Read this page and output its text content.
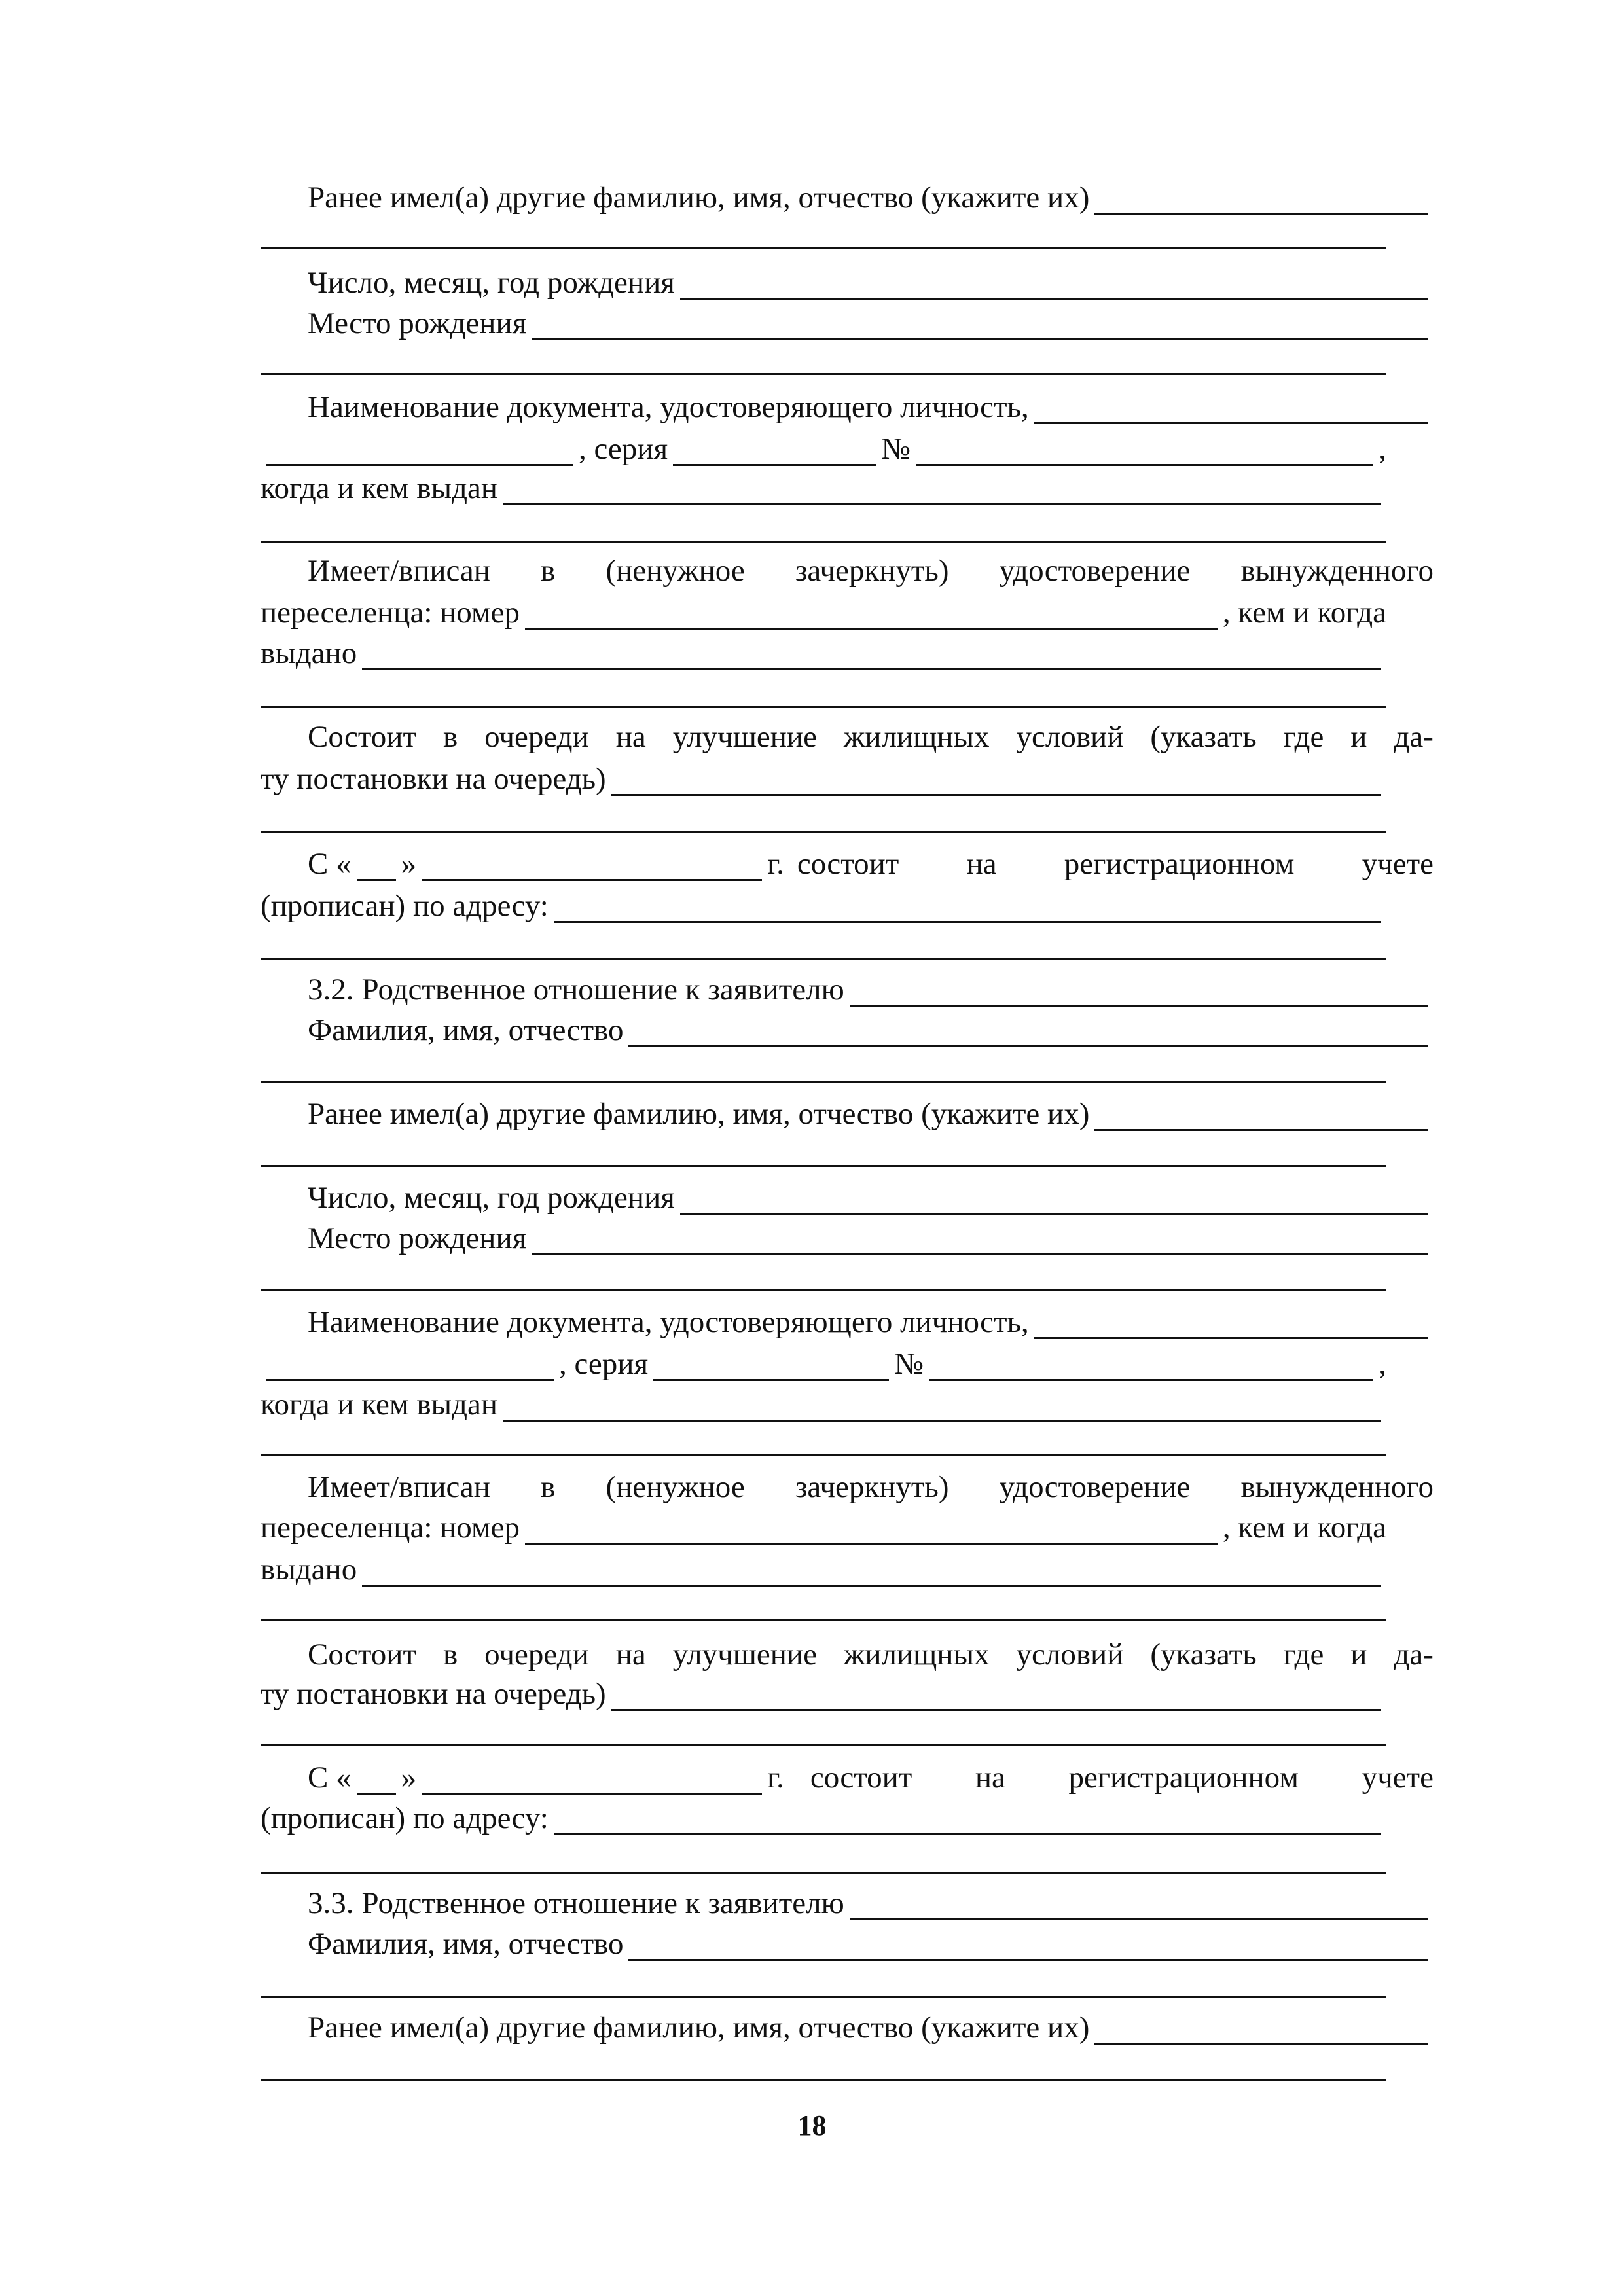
Ранее имел(а) другие фамилию, имя, отчество (укажите их)
Число, месяц, год рождения
Место рождения
Наименование документа, удостоверяющего личность ,
, серия	№	,
когда и кем выдан
Имеет/вписан в (ненужное зачеркнуть) удостоверение вынужденного
переселенца: номер	, кем и когда
выдано
Состоит в очереди на улучшение жилищных условий (указать где и да-
ту постановки на очередь)
С « »	г. состоит на регистрационном учете
(прописан) по адресу:
3.2. Родственное отношение к заявителю
Фамилия, имя, отчество
Ранее имел(а) другие фамилию, имя, отчество (укажите их)
Число, месяц, год рождения
Место рождения
Наименование документа, удостоверяющего личность ,
, серия	№	,
когда и кем выдан
Имеет/вписан в (ненужное зачеркнуть) удостоверение вынужденного
переселенца: номер	, кем и когда
выдано
Состоит в очереди на улучшение жилищных условий (указать где и да-
ту постановки на очередь)
С « »	г. состоит на регистрационном учете
(прописан) по адресу:
3.3. Родственное отношение к заявителю
Фамилия, имя, отчество
Ранее имел(а) другие фамилию, имя, отчество (укажите их)
18
